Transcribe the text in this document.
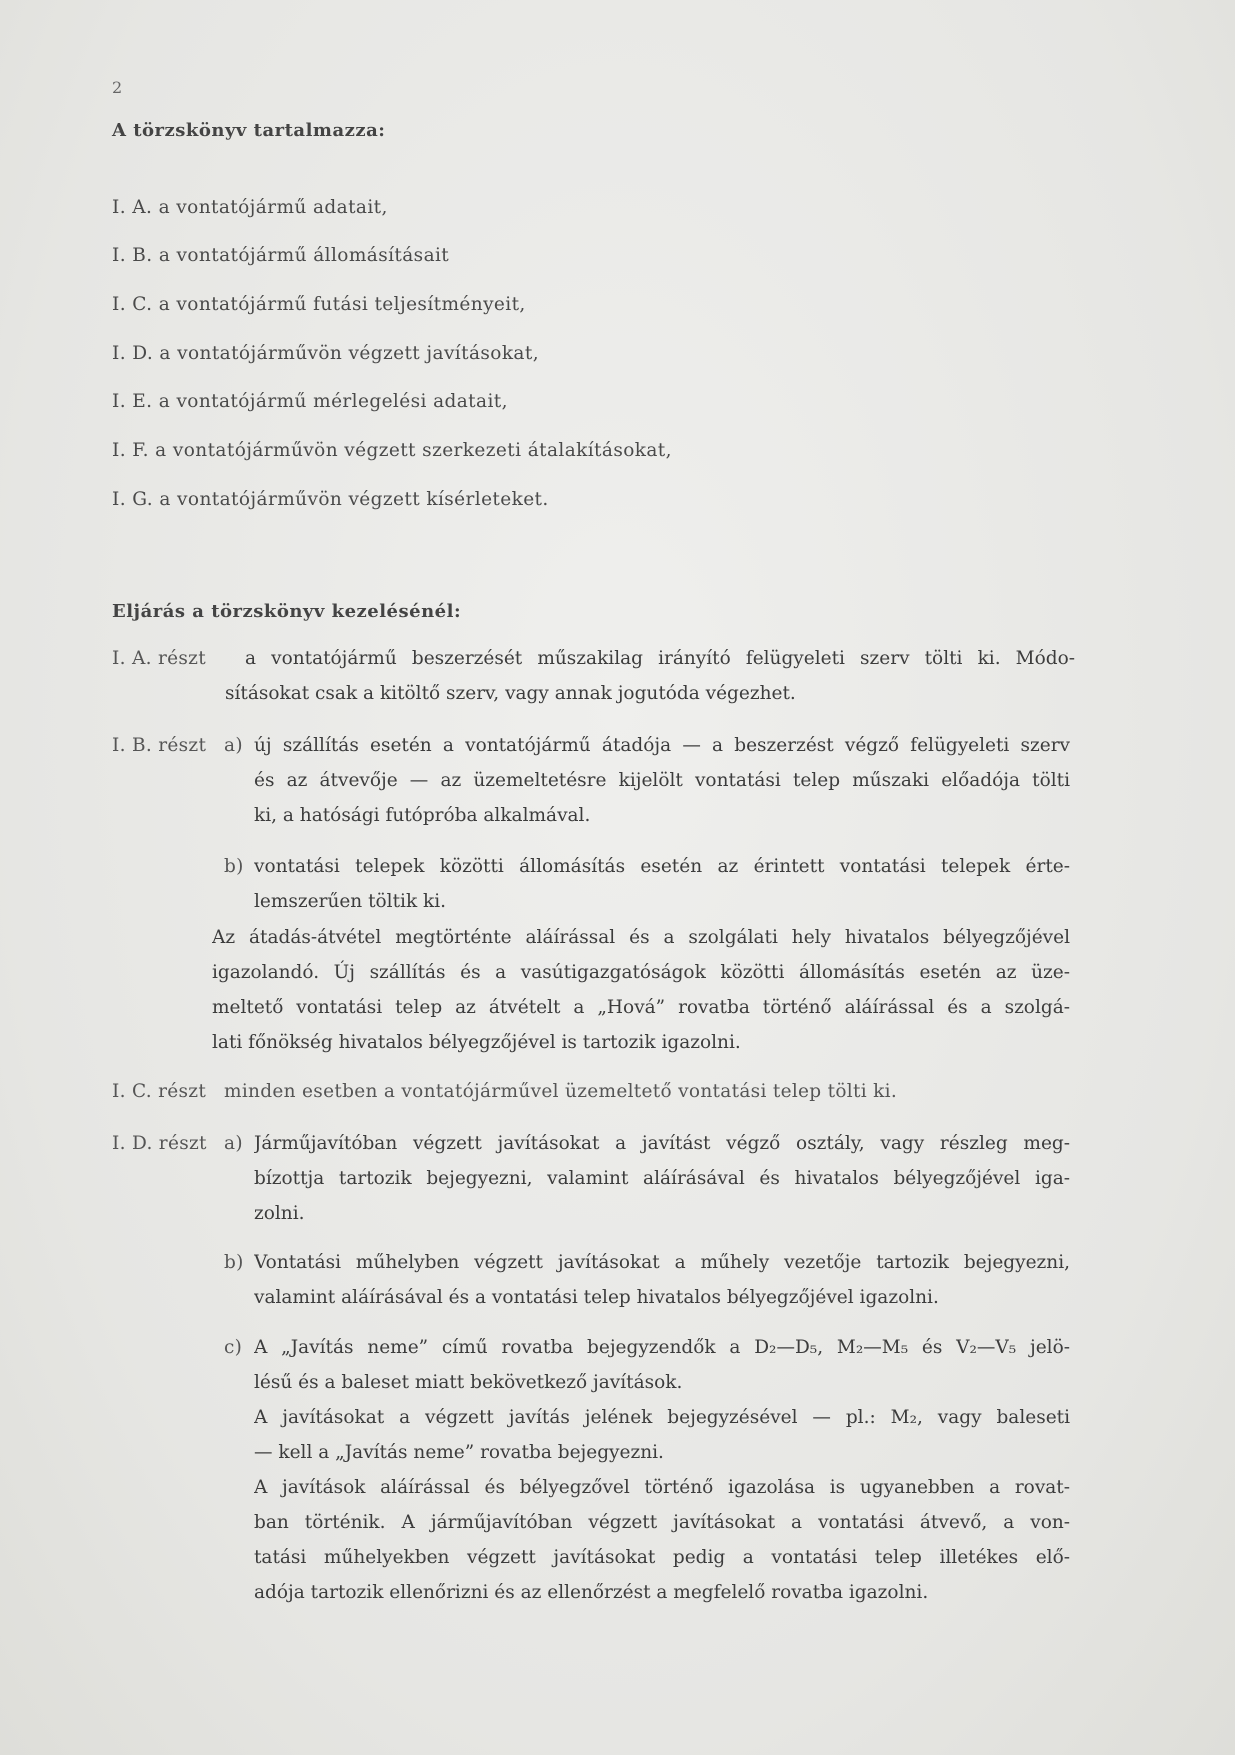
2
A törzskönyv tartalmazza:
I. A. a vontatójármű adatait,
I. B. a vontatójármű állomásításait
I. C. a vontatójármű futási teljesítményeit,
I. D. a vontatójárművön végzett javításokat,
I. E. a vontatójármű mérlegelési adatait,
I. F. a vontatójárművön végzett szerkezeti átalakításokat,
I. G. a vontatójárművön végzett kísérleteket.
Eljárás a törzskönyv kezelésénél:
I. A. részt a vontatójármű beszerzését műszakilag irányító felügyeleti szerv tölti ki. Módo-
sításokat csak a kitöltő szerv, vagy annak jogutóda végezhet.
I. B. részt a) új szállítás esetén a vontatójármű átadója — a beszerzést végző felügyeleti szerv
és az átvevője — az üzemeltetésre kijelölt vontatási telep műszaki előadója tölti
ki, a hatósági futópróba alkalmával.
b) vontatási telepek közötti állomásítás esetén az érintett vontatási telepek érte-
lemszerűen töltik ki.
Az átadás-átvétel megtörténte aláírással és a szolgálati hely hivatalos bélyegzőjével
igazolandó. Új szállítás és a vasútigazgatóságok közötti állomásítás esetén az üze-
meltető vontatási telep az átvételt a „Hová” rovatba történő aláírással és a szolgá-
lati főnökség hivatalos bélyegzőjével is tartozik igazolni.
I. C. részt minden esetben a vontatójárművel üzemeltető vontatási telep tölti ki.
I. D. részt a) Járműjavítóban végzett javításokat a javítást végző osztály, vagy részleg meg-
bízottja tartozik bejegyezni, valamint aláírásával és hivatalos bélyegzőjével iga-
zolni.
b) Vontatási műhelyben végzett javításokat a műhely vezetője tartozik bejegyezni,
valamint aláírásával és a vontatási telep hivatalos bélyegzőjével igazolni.
c) A „Javítás neme” című rovatba bejegyzendők a D₂—D₅, M₂—M₅ és V₂—V₅ jelö-
lésű és a baleset miatt bekövetkező javítások.
A javításokat a végzett javítás jelének bejegyzésével — pl.: M₂, vagy baleseti
— kell a „Javítás neme” rovatba bejegyezni.
A javítások aláírással és bélyegzővel történő igazolása is ugyanebben a rovat-
ban történik. A járműjavítóban végzett javításokat a vontatási átvevő, a von-
tatási műhelyekben végzett javításokat pedig a vontatási telep illetékes elő-
adója tartozik ellenőrizni és az ellenőrzést a megfelelő rovatba igazolni.
